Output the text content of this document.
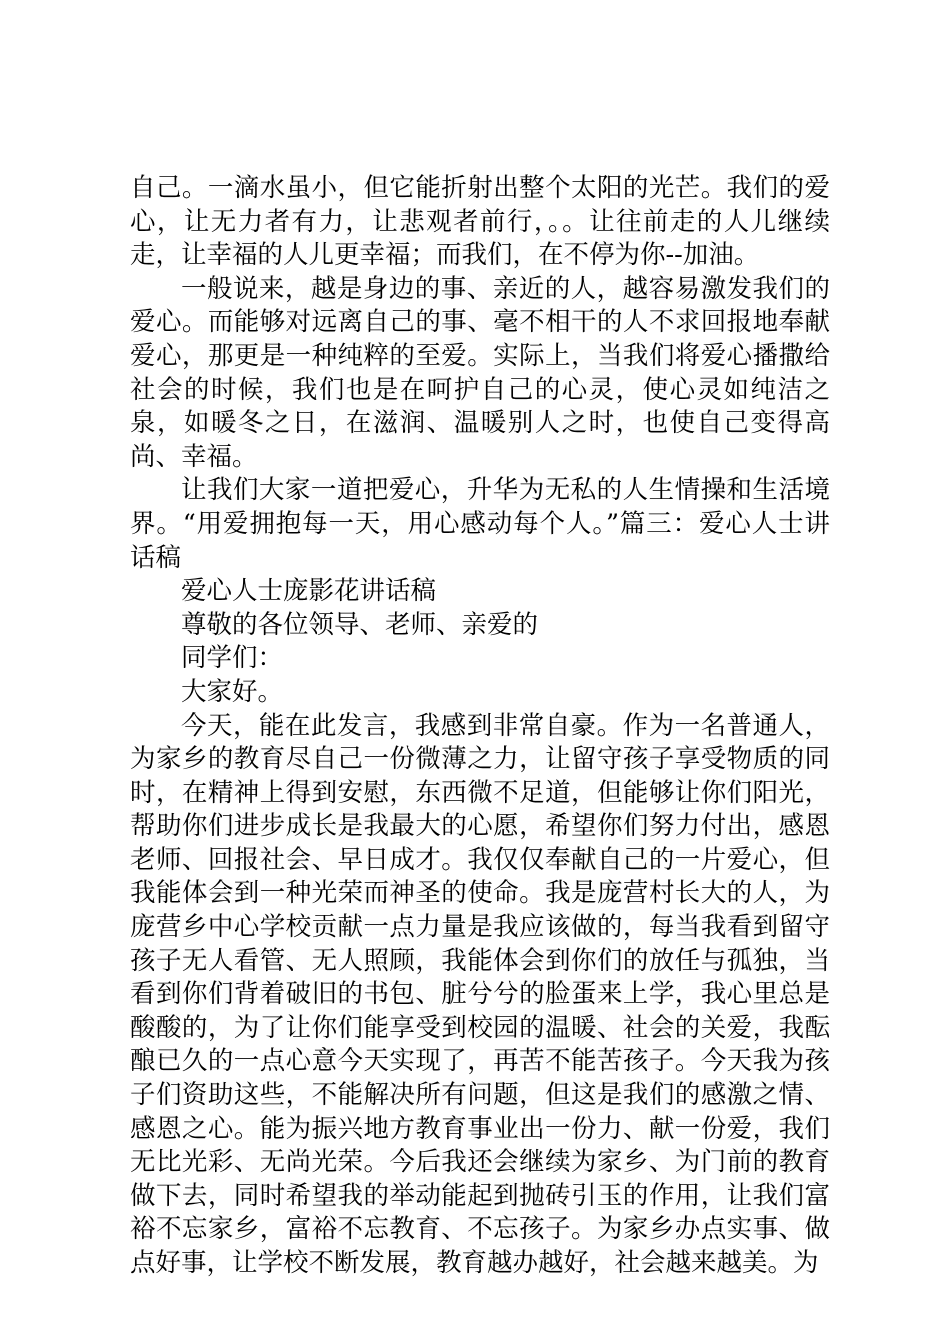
自己。一滴水虽小，但它能折射出整个太阳的光芒。我们的爱心，让无力者有力，让悲观者前行，。。让往前走的人儿继续走，让幸福的人儿更幸福；而我们，在不停为你--加油。

一般说来，越是身边的事、亲近的人，越容易激发我们的爱心。而能够对远离自己的事、毫不相干的人不求回报地奉献爱心，那更是一种纯粹的至爱。实际上，当我们将爱心播撒给社会的时候，我们也是在呵护自己的心灵，使心灵如纯洁之泉，如暖冬之日，在滋润、温暖别人之时，也使自己变得高尚、幸福。

让我们大家一道把爱心，升华为无私的人生情操和生活境界。“用爱拥抱每一天，用心感动每个人。”篇三：爱心人士讲话稿

爱心人士庞影花讲话稿

尊敬的各位领导、老师、亲爱的

同学们：

大家好。

今天，能在此发言，我感到非常自豪。作为一名普通人，为家乡的教育尽自己一份微薄之力，让留守孩子享受物质的同时，在精神上得到安慰，东西微不足道，但能够让你们阳光，帮助你们进步成长是我最大的心愿，希望你们努力付出，感恩老师、回报社会、早日成才。我仅仅奉献自己的一片爱心，但我能体会到一种光荣而神圣的使命。我是庞营村长大的人，为庞营乡中心学校贡献一点力量是我应该做的，每当我看到留守孩子无人看管、无人照顾，我能体会到你们的放任与孤独，当看到你们背着破旧的书包、脏兮兮的脸蛋来上学，我心里总是酸酸的，为了让你们能享受到校园的温暖、社会的关爱，我酝酿已久的一点心意今天实现了，再苦不能苦孩子。今天我为孩子们资助这些，不能解决所有问题，但这是我们的感激之情、感恩之心。能为振兴地方教育事业出一份力、献一份爱，我们无比光彩、无尚光荣。今后我还会继续为家乡、为门前的教育做下去，同时希望我的举动能起到抛砖引玉的作用，让我们富裕不忘家乡，富裕不忘教育、不忘孩子。为家乡办点实事、做点好事，让学校不断发展，教育越办越好，社会越来越美。为
